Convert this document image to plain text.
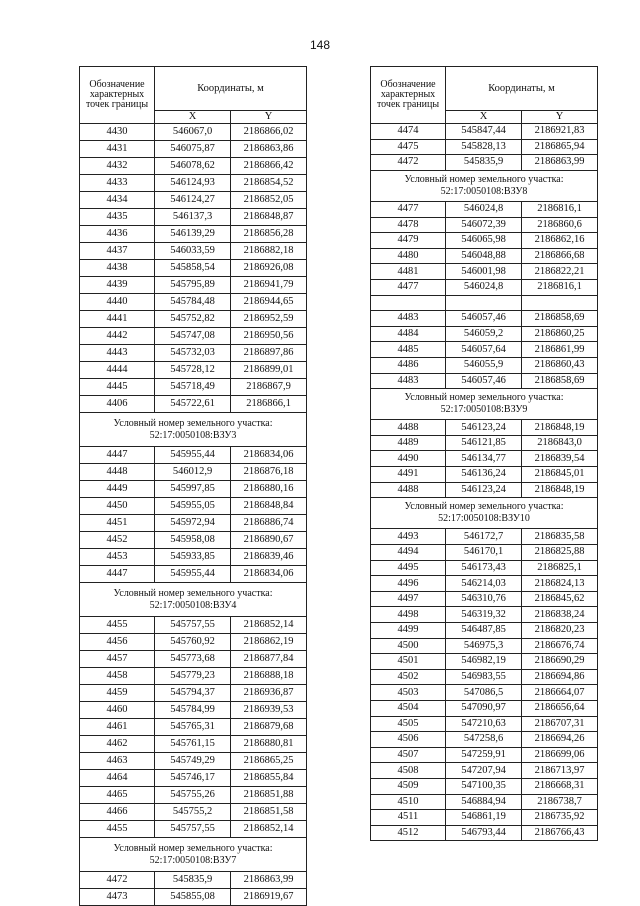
148
Обозначение характерных точек границы	Координаты, м	
	X	Y
4430	546067,0	2186866,02
4431	546075,87	2186863,86
4432	546078,62	2186866,42
4433	546124,93	2186854,52
4434	546124,27	2186852,05
4435	546137,3	2186848,87
4436	546139,29	2186856,28
4437	546033,59	2186882,18
4438	545858,54	2186926,08
4439	545795,89	2186941,79
4440	545784,48	2186944,65
4441	545752,82	2186952,59
4442	545747,08	2186950,56
4443	545732,03	2186897,86
4444	545728,12	2186899,01
4445	545718,49	2186867,9
4406	545722,61	2186866,1
Условный номер земельного участка: 52:17:0050108:ВЗУ3		
4447	545955,44	2186834,06
4448	546012,9	2186876,18
4449	545997,85	2186880,16
4450	545955,05	2186848,84
4451	545972,94	2186886,74
4452	545958,08	2186890,67
4453	545933,85	2186839,46
4447	545955,44	2186834,06
Условный номер земельного участка: 52:17:0050108:ВЗУ4		
4455	545757,55	2186852,14
4456	545760,92	2186862,19
4457	545773,68	2186877,84
4458	545779,23	2186888,18
4459	545794,37	2186936,87
4460	545784,99	2186939,53
4461	545765,31	2186879,68
4462	545761,15	2186880,81
4463	545749,29	2186865,25
4464	545746,17	2186855,84
4465	545755,26	2186851,88
4466	545755,2	2186851,58
4455	545757,55	2186852,14
Условный номер земельного участка: 52:17:0050108:ВЗУ7		
4472	545835,9	2186863,99
4473	545855,08	2186919,67
Обозначение характерных точек границы	Координаты, м	
	X	Y
4474	545847,44	2186921,83
4475	545828,13	2186865,94
4472	545835,9	2186863,99
Условный номер земельного участка: 52:17:0050108:ВЗУ8		
4477	546024,8	2186816,1
4478	546072,39	2186860,6
4479	546065,98	2186862,16
4480	546048,88	2186866,68
4481	546001,98	2186822,21
4477	546024,8	2186816,1

4483	546057,46	2186858,69
4484	546059,2	2186860,25
4485	546057,64	2186861,99
4486	546055,9	2186860,43
4483	546057,46	2186858,69
Условный номер земельного участка: 52:17:0050108:ВЗУ9		
4488	546123,24	2186848,19
4489	546121,85	2186843,0
4490	546134,77	2186839,54
4491	546136,24	2186845,01
4488	546123,24	2186848,19
Условный номер земельного участка: 52:17:0050108:ВЗУ10		
4493	546172,7	2186835,58
4494	546170,1	2186825,88
4495	546173,43	2186825,1
4496	546214,03	2186824,13
4497	546310,76	2186845,62
4498	546319,32	2186838,24
4499	546487,85	2186820,23
4500	546975,3	2186676,74
4501	546982,19	2186690,29
4502	546983,55	2186694,86
4503	547086,5	2186664,07
4504	547090,97	2186656,64
4505	547210,63	2186707,31
4506	547258,6	2186694,26
4507	547259,91	2186699,06
4508	547207,94	2186713,97
4509	547100,35	2186668,31
4510	546884,94	2186738,7
4511	546861,19	2186735,92
4512	546793,44	2186766,43
